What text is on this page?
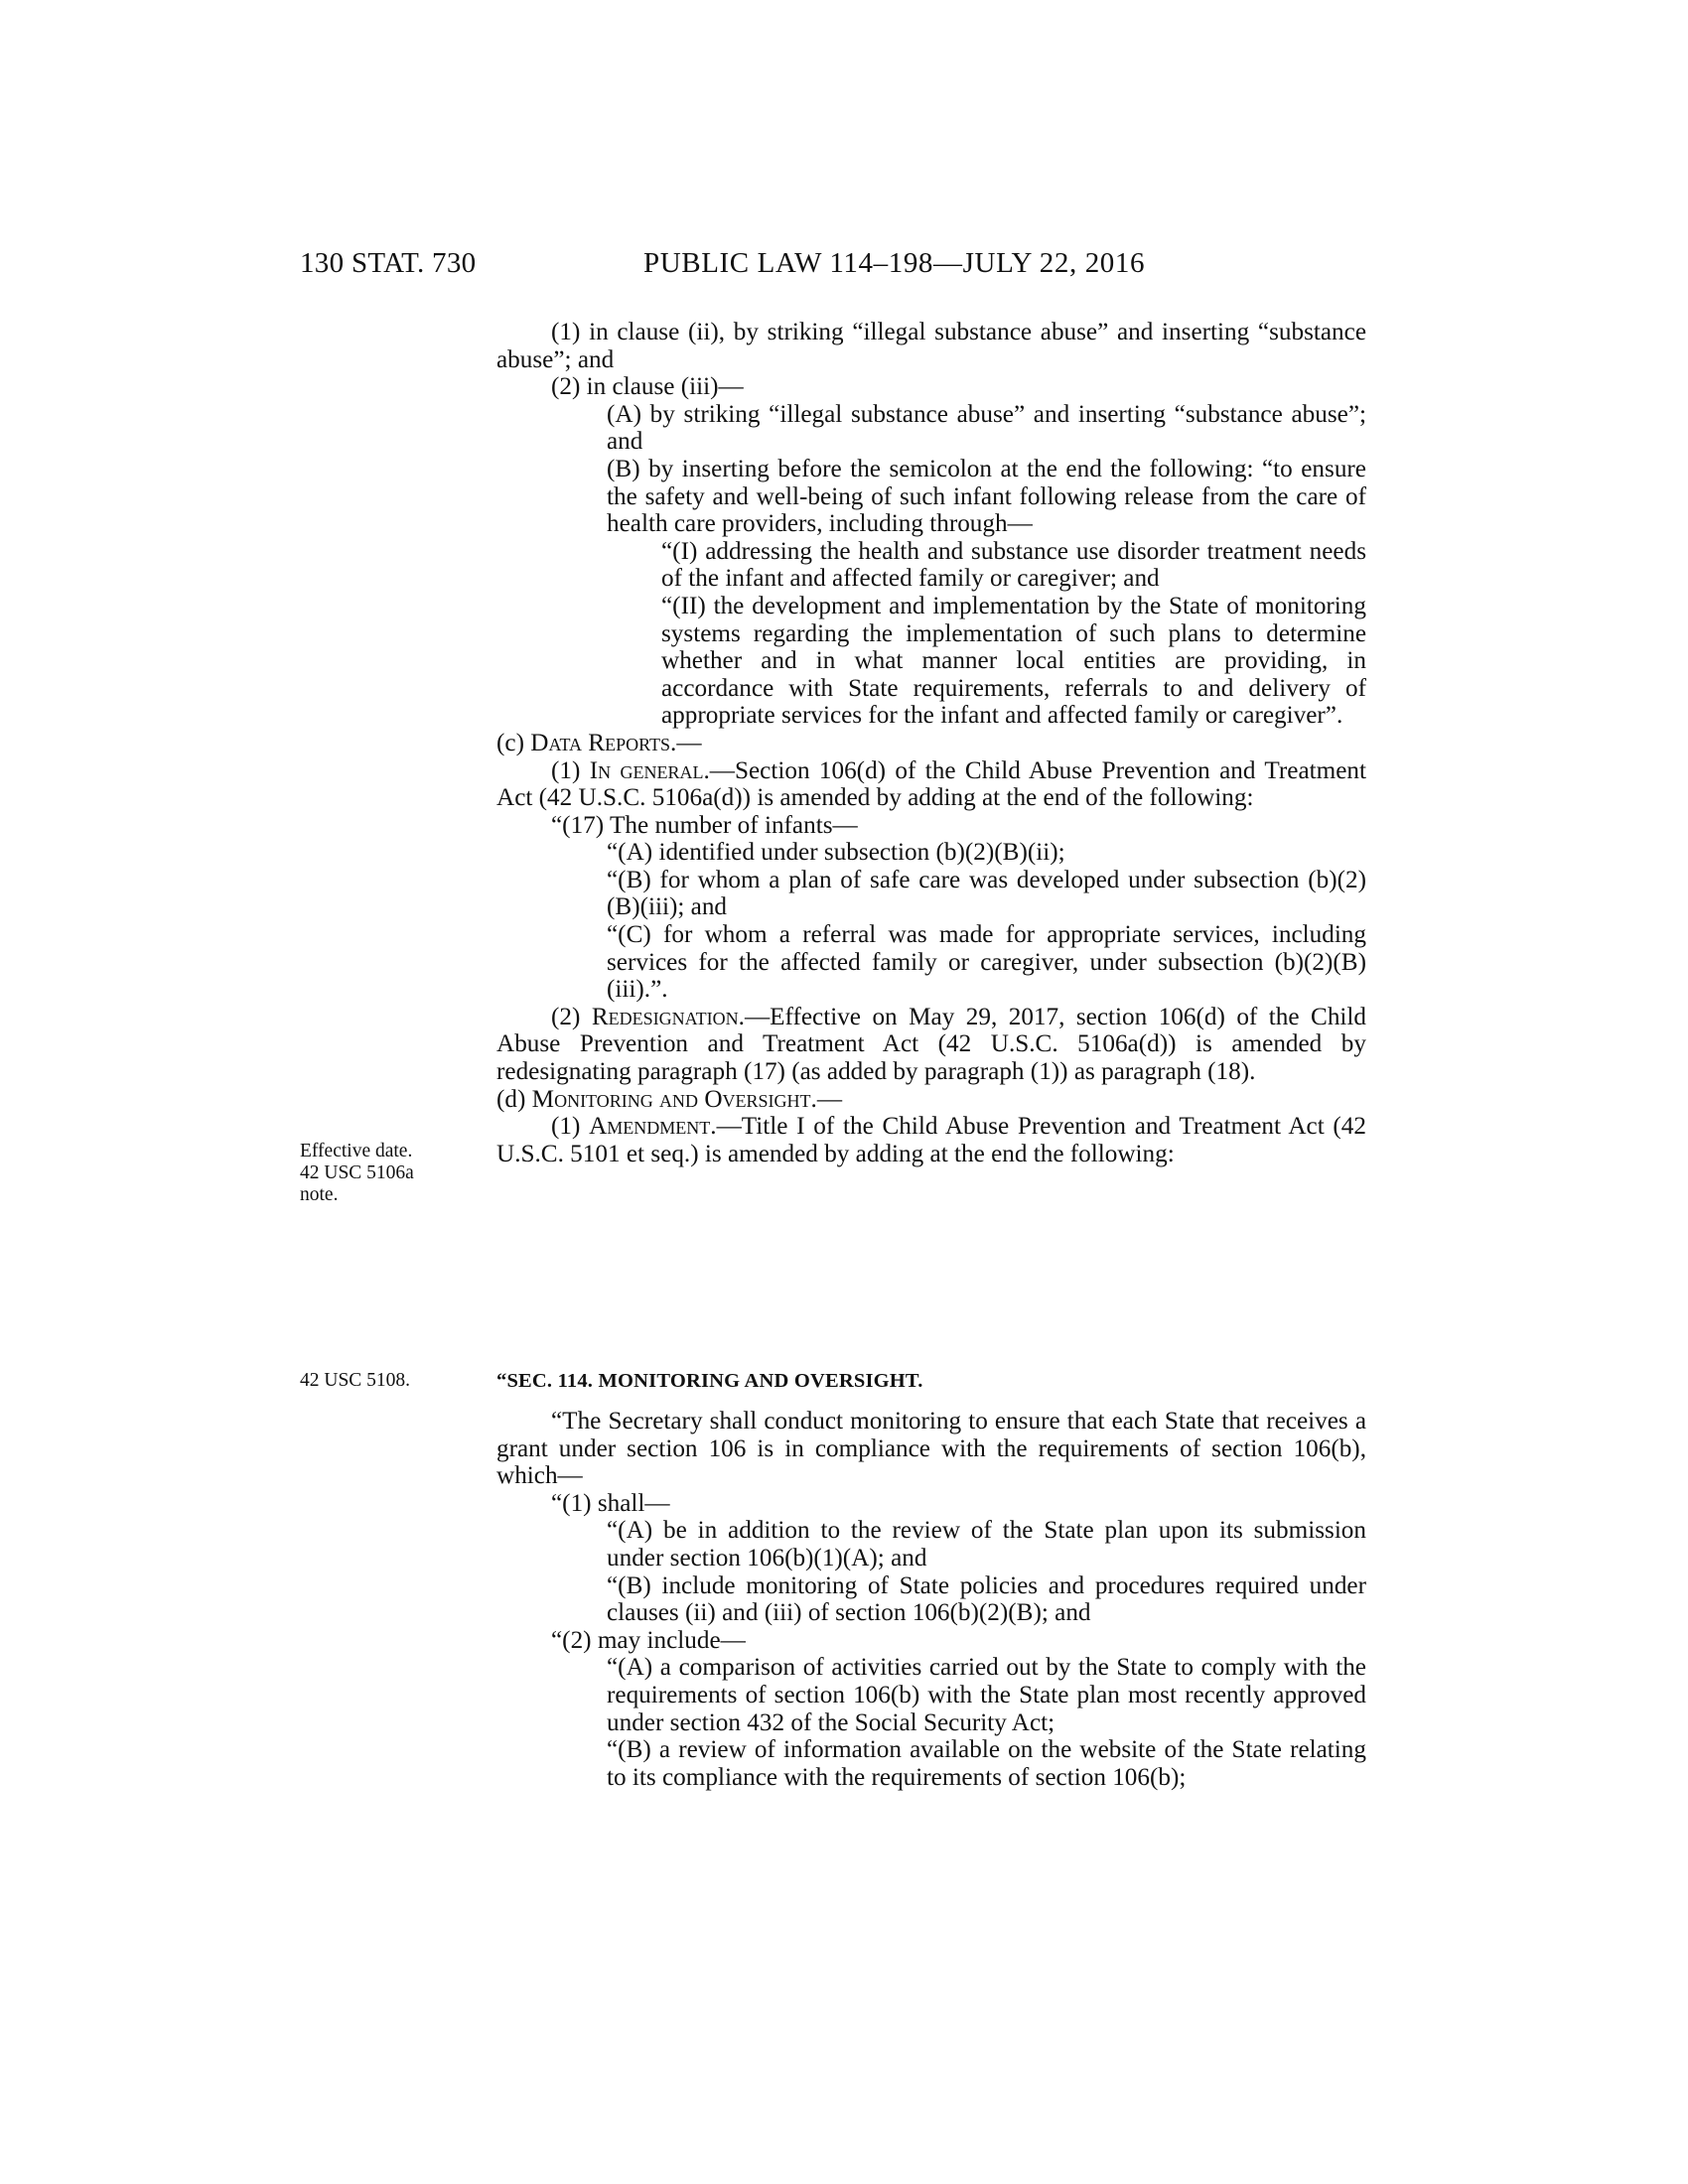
130 STAT. 730	PUBLIC LAW 114–198—JULY 22, 2016
Effective date.
42 USC 5106a
note.
42 USC 5108.

(1) in clause (ii), by striking “illegal substance abuse” and inserting “substance abuse”; and

(2) in clause (iii)—

(A) by striking “illegal substance abuse” and inserting “substance abuse”; and

(B) by inserting before the semicolon at the end the following: “to ensure the safety and well-being of such infant following release from the care of health care providers, including through—

“(I) addressing the health and substance use disorder treatment needs of the infant and affected family or caregiver; and

“(II) the development and implementation by the State of monitoring systems regarding the implementation of such plans to determine whether and in what manner local entities are providing, in accordance with State requirements, referrals to and delivery of appropriate services for the infant and affected family or caregiver”.

(c) Data Reports.—

(1) In general.—Section 106(d) of the Child Abuse Prevention and Treatment Act (42 U.S.C. 5106a(d)) is amended by adding at the end of the following:

“(17) The number of infants—

“(A) identified under subsection (b)(2)(B)(ii);

“(B) for whom a plan of safe care was developed under subsection (b)(2)(B)(iii); and

“(C) for whom a referral was made for appropriate services, including services for the affected family or caregiver, under subsection (b)(2)(B)(iii).”.

(2) Redesignation.—Effective on May 29, 2017, section 106(d) of the Child Abuse Prevention and Treatment Act (42 U.S.C. 5106a(d)) is amended by redesignating paragraph (17) (as added by paragraph (1)) as paragraph (18).

(d) Monitoring and Oversight.—

(1) Amendment.—Title I of the Child Abuse Prevention and Treatment Act (42 U.S.C. 5101 et seq.) is amended by adding at the end the following:

“SEC. 114. MONITORING AND OVERSIGHT.

“The Secretary shall conduct monitoring to ensure that each State that receives a grant under section 106 is in compliance with the requirements of section 106(b), which—

“(1) shall—

“(A) be in addition to the review of the State plan upon its submission under section 106(b)(1)(A); and

“(B) include monitoring of State policies and procedures required under clauses (ii) and (iii) of section 106(b)(2)(B); and

“(2) may include—

“(A) a comparison of activities carried out by the State to comply with the requirements of section 106(b) with the State plan most recently approved under section 432 of the Social Security Act;

“(B) a review of information available on the website of the State relating to its compliance with the requirements of section 106(b);
